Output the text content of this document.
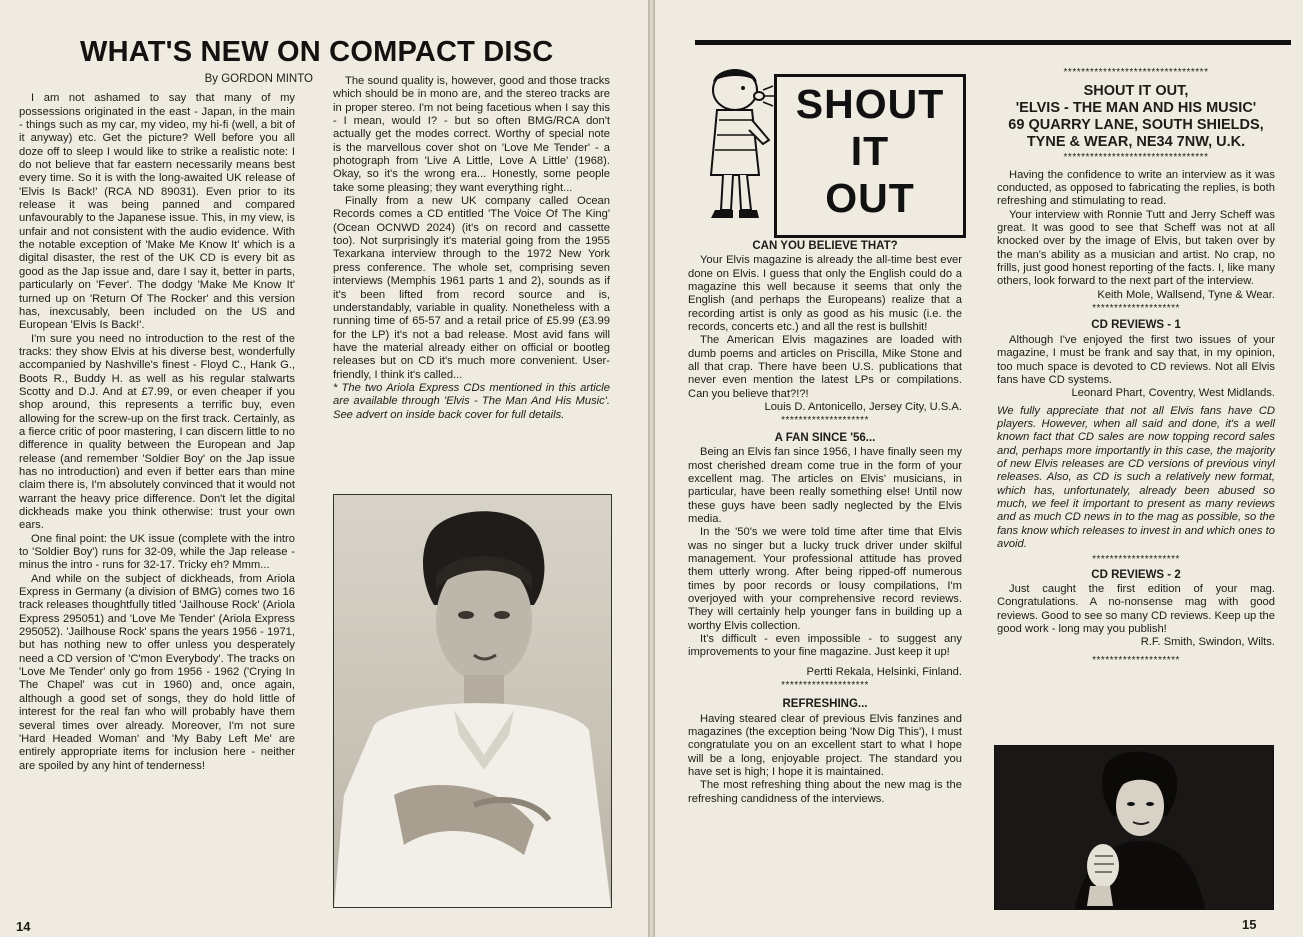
WHAT'S NEW ON COMPACT DISC
By GORDON MINTO

I am not ashamed to say that many of my possessions originated in the east - Japan, in the main - things such as my car, my video, my hi-fi (well, a bit of it anyway) etc. Get the picture? Well before you all doze off to sleep I would like to strike a realistic note: I do not believe that far eastern necessarily means best every time. So it is with the long-awaited UK release of 'Elvis Is Back!' (RCA ND 89031). Even prior to its release it was being panned and compared unfavourably to the Japanese issue. This, in my view, is unfair and not consistent with the audio evidence. With the notable exception of 'Make Me Know It' which is a digital disaster, the rest of the UK CD is every bit as good as the Jap issue and, dare I say it, better in parts, particularly on 'Fever'. The dodgy 'Make Me Know It' turned up on 'Return Of The Rocker' and this version has, inexcusably, been included on the US and European 'Elvis Is Back!'.

I'm sure you need no introduction to the rest of the tracks: they show Elvis at his diverse best, wonderfully accompanied by Nashville's finest - Floyd C., Hank G., Boots R., Buddy H. as well as his regular stalwarts Scotty and D.J. And at £7.99, or even cheaper if you shop around, this represents a terrific buy, even allowing for the screw-up on the first track. Certainly, as a fierce critic of poor mastering, I can discern little to no difference in quality between the European and Jap release (and remember 'Soldier Boy' on the Jap issue has no introduction) and even if better ears than mine claim there is, I'm absolutely convinced that it would not warrant the heavy price difference. Don't let the digital dickheads make you think otherwise: trust your own ears.

One final point: the UK issue (complete with the intro to 'Soldier Boy') runs for 32-09, while the Jap release - minus the intro - runs for 32-17. Tricky eh? Mmm...

And while on the subject of dickheads, from Ariola Express in Germany (a division of BMG) comes two 16 track releases thoughtfully titled 'Jailhouse Rock' (Ariola Express 295051) and 'Love Me Tender' (Ariola Express 295052). 'Jailhouse Rock' spans the years 1956 - 1971, but has nothing new to offer unless you desperately need a CD version of 'C'mon Everybody'. The tracks on 'Love Me Tender' only go from 1956 - 1962 ('Crying In The Chapel' was cut in 1960) and, once again, although a good set of songs, they do hold little of interest for the real fan who will probably have them several times over already. Moreover, I'm not sure 'Hard Headed Woman' and 'My Baby Left Me' are entirely appropriate items for inclusion here - neither are spoiled by any hint of tenderness!

The sound quality is, however, good and those tracks which should be in mono are, and the stereo tracks are in proper stereo. I'm not being facetious when I say this - I mean, would I? - but so often BMG/RCA don't actually get the modes correct. Worthy of special note is the marvellous cover shot on 'Love Me Tender' - a photograph from 'Live A Little, Love A Little' (1968). Okay, so it's the wrong era... Honestly, some people take some pleasing; they want everything right...

Finally from a new UK company called Ocean Records comes a CD entitled 'The Voice Of The King' (Ocean OCNWD 2024) (it's on record and cassette too). Not surprisingly it's material going from the 1955 Texarkana interview through to the 1972 New York press conference. The whole set, comprising seven interviews (Memphis 1961 parts 1 and 2), sounds as if it's been lifted from record source and is, understandably, variable in quality. Nonetheless with a running time of 65-57 and a retail price of £5.99 (£3.99 for the LP) it's not a bad release. Most avid fans will have the material already either on official or bootleg releases but on CD it's much more convenient. User-friendly, I think it's called...

* The two Ariola Express CDs mentioned in this article are available through 'Elvis - The Man And His Music'. See advert on inside back cover for full details.

14
SHOUT
IT
OUT
CAN YOU BELIEVE THAT?

Your Elvis magazine is already the all-time best ever done on Elvis. I guess that only the English could do a magazine this well because it seems that only the English (and perhaps the Europeans) realize that a recording artist is only as good as his music (i.e. the records, concerts etc.) and all the rest is bullshit!

The American Elvis magazines are loaded with dumb poems and articles on Priscilla, Mike Stone and all that crap. There have been U.S. publications that never even mention the latest LPs or compilations. Can you believe that?!?!

Louis D. Antonicello, Jersey City, U.S.A.
********************
A FAN SINCE '56...

Being an Elvis fan since 1956, I have finally seen my most cherished dream come true in the form of your excellent mag. The articles on Elvis' musicians, in particular, have been really something else! Until now these guys have been sadly neglected by the Elvis media.

In the '50's we were told time after time that Elvis was no singer but a lucky truck driver under skilful management. Your professional attitude has proved them utterly wrong. After being ripped-off numerous times by poor records or lousy compilations, I'm overjoyed with your comprehensive record reviews. They will certainly help younger fans in building up a worthy Elvis collection.

It's difficult - even impossible - to suggest any improvements to your fine magazine. Just keep it up!

Pertti Rekala, Helsinki, Finland.
********************
REFRESHING...

Having steared clear of previous Elvis fanzines and magazines (the exception being 'Now Dig This'), I must congratulate you on an excellent start to what I hope will be a long, enjoyable project. The standard you have set is high; I hope it is maintained.

The most refreshing thing about the new mag is the refreshing candidness of the interviews.

*********************************
SHOUT IT OUT,
'ELVIS - THE MAN AND HIS MUSIC'
69 QUARRY LANE, SOUTH SHIELDS,
TYNE & WEAR, NE34 7NW, U.K.
*********************************

Having the confidence to write an interview as it was conducted, as opposed to fabricating the replies, is both refreshing and stimulating to read.

Your interview with Ronnie Tutt and Jerry Scheff was great. It was good to see that Scheff was not at all knocked over by the image of Elvis, but taken over by the man's ability as a musician and artist. No crap, no frills, just good honest reporting of the facts. I, like many others, look forward to the next part of the interview.

Keith Mole, Wallsend, Tyne & Wear.
********************
CD REVIEWS - 1

Although I've enjoyed the first two issues of your magazine, I must be frank and say that, in my opinion, too much space is devoted to CD reviews. Not all Elvis fans have CD systems.

Leonard Phart, Coventry, West Midlands.

We fully appreciate that not all Elvis fans have CD players. However, when all said and done, it's a well known fact that CD sales are now topping record sales and, perhaps more importantly in this case, the majority of new Elvis releases are CD versions of previous vinyl releases. Also, as CD is such a relatively new format, which has, unfortunately, already been abused so much, we feel it important to present as many reviews and as much CD news in to the mag as possible, so the fans know which releases to invest in and which ones to avoid.

********************
CD REVIEWS - 2

Just caught the first edition of your mag. Congratulations. A no-nonsense mag with good reviews. Good to see so many CD reviews. Keep up the good work - long may you publish!

R.F. Smith, Swindon, Wilts.
********************
15
